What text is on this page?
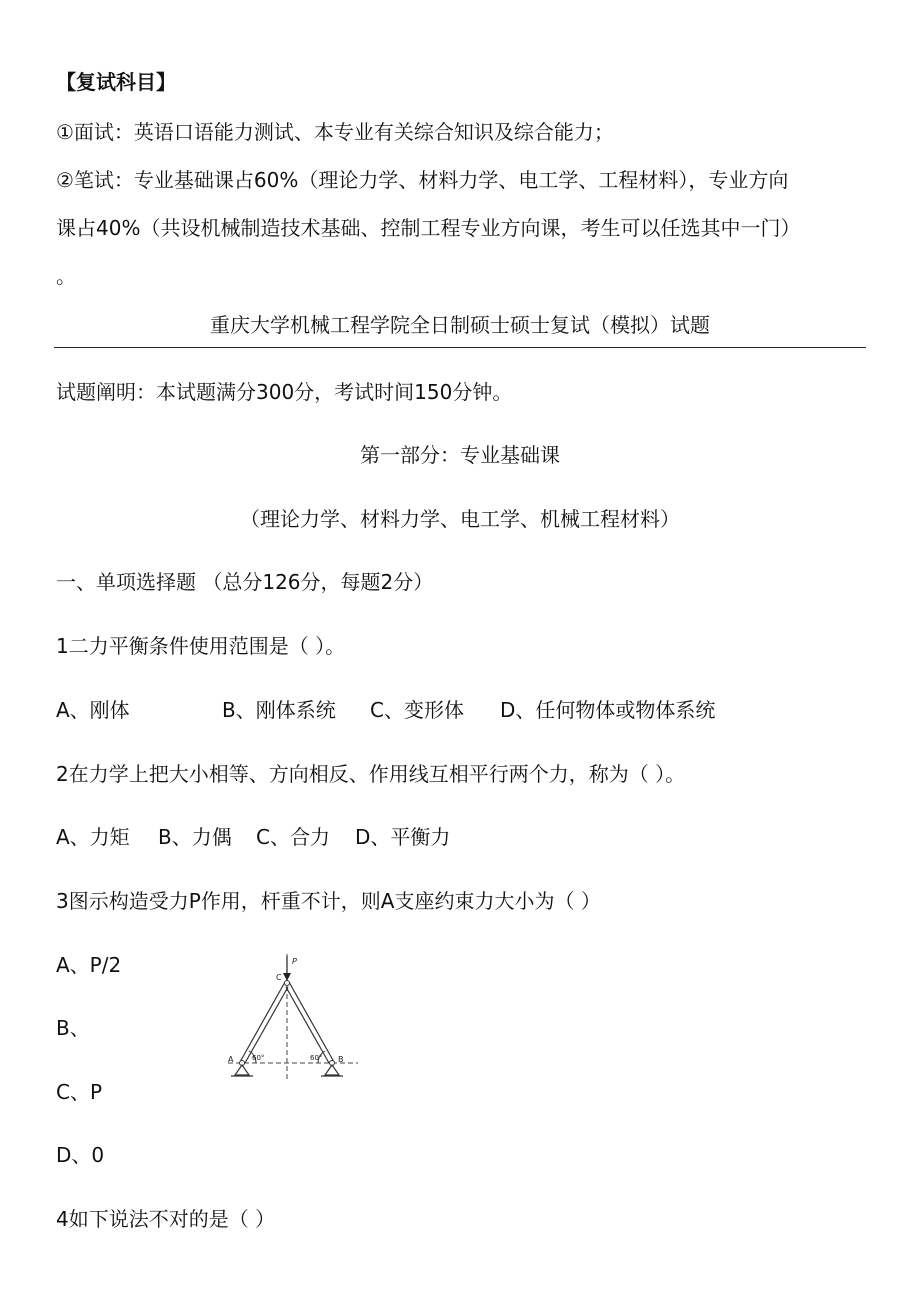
【复试科目】
①面试：英语口语能力测试、本专业有关综合知识及综合能力；
②笔试：专业基础课占60%（理论力学、材料力学、电工学、工程材料），专业方向
课占40%（共设机械制造技术基础、控制工程专业方向课，考生可以任选其中一门）
。
重庆大学机械工程学院全日制硕士硕士复试（模拟）试题
试题阐明：本试题满分300分，考试时间150分钟。
第一部分：专业基础课
（理论力学、材料力学、电工学、机械工程材料）
一、单项选择题 （总分126分，每题2分）
1二力平衡条件使用范围是（ ）。
A、刚体	B、刚体系统 C、变形体 D、任何物体或物体系统
2在力学上把大小相等、方向相反、作用线互相平行两个力，称为（ ）。
A、力矩 B、力偶 C、合力 D、平衡力
3图示构造受力P作用，杆重不计，则A支座约束力大小为（ ）
A、P/2
B、
C、P
D、0
C
P
A	B
60°	60°
4如下说法不对的是（ ）
